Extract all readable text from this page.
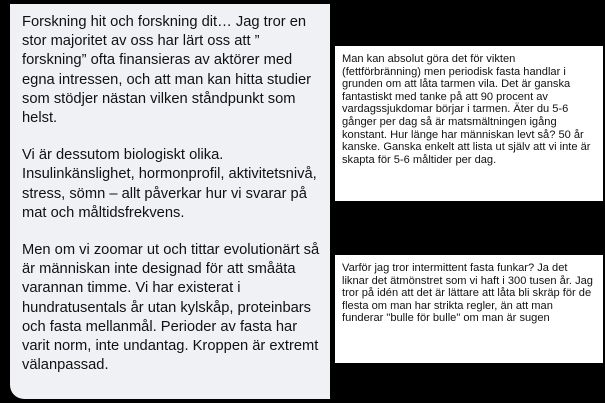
Forskning hit och forskning dit… Jag tror en stor majoritet av oss har lärt oss att ” forskning” ofta finansieras av aktörer med egna intressen, och att man kan hitta studier som stödjer nästan vilken ståndpunkt som helst.

Vi är dessutom biologiskt olika. Insulinkänslighet, hormonprofil, aktivitetsnivå, stress, sömn – allt påverkar hur vi svarar på mat och måltidsfrekvens.

Men om vi zoomar ut och tittar evolutionärt så är människan inte designad för att småäta varannan timme. Vi har existerat i hundratusentals år utan kylskåp, proteinbars och fasta mellanmål. Perioder av fasta har varit norm, inte undantag. Kroppen är extremt välanpassad.

Man kan absolut göra det för vikten (fettförbränning) men periodisk fasta handlar i grunden om att låta tarmen vila. Det är ganska fantastiskt med tanke på att 90 procent av vardagssjukdomar börjar i tarmen. Äter du 5-6 gånger per dag så är matsmältningen igång konstant. Hur länge har människan levt så? 50 år kanske. Ganska enkelt att lista ut själv att vi inte är skapta för 5-6 måltider per dag.

Varför jag tror intermittent fasta funkar? Ja det liknar det ätmönstret som vi haft i 300 tusen år. Jag tror på idén att det är lättare att låta bli skräp för de flesta om man har strikta regler, än att man funderar "bulle för bulle" om man är sugen
